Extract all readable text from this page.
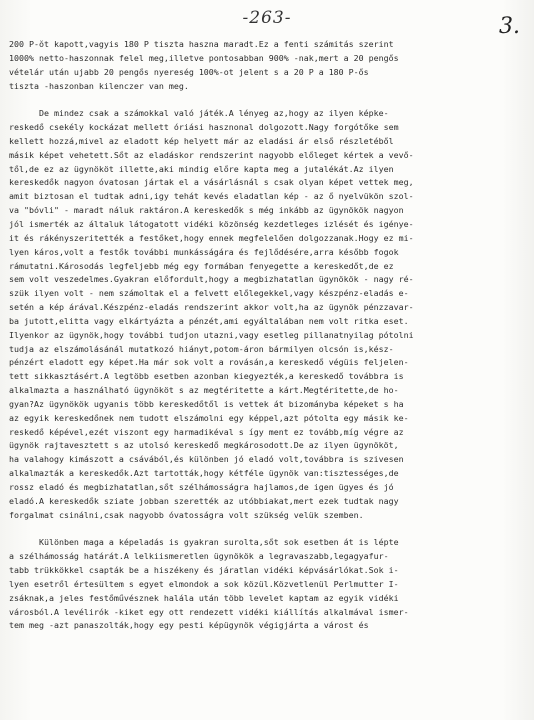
-263-	3.
200 P-ŏt kapott,vagyis 180 P tiszta haszna maradt.Ez a fenti számitás szerint
1000% netto-haszonnak felel meg,illetve pontosabban 900% -nak,mert a 20 pengős
vételár után ujabb 20 pengős nyereség 100%-ot jelent s a 20 P a 180 P-ős
tiszta -haszonban kilenczer van meg.
De mindez csak a számokkal való játék.A lényeg az,hogy az ilyen képke-
reskedő csekély kockázat mellett óriási hasznonal dolgozott.Nagy forgótőke sem
kellett hozzá,mivel az eladott kép helyett már az eladási ár első részletéből
másik képet vehetett.Sőt az eladáskor rendszerint nagyobb előleget kértek a vevő-
től,de ez az ügynököt illette,aki mindig előre kapta meg a jutalékát.Az ilyen
kereskedők nagyon óvatosan jártak el a vásárlásnál s csak olyan képet vettek meg,
amit biztosan el tudtak adni,igy tehát kevés eladatlan kép - az ő nyelvükön szol-
va "bóvli" - maradt náluk raktáron.A kereskedők s még inkább az ügynökök nagyon
jól ismerték az általuk látogatott vidéki közönség kezdetleges izlését és igénye-
it és rákényszeritették a festőket,hogy ennek megfelelően dolgozzanak.Hogy ez mi-
lyen káros,volt a festők további munkásságára és fejlődésére,arra később fogok
rámutatni.Károsodás legfeljebb még egy formában fenyegette a kereskedőt,de ez
sem volt veszedelmes.Gyakran előfordult,hogy a megbizhatatlan ügynökök - nagy ré-
szük ilyen volt - nem számoltak el a felvett előlegekkel,vagy készpénz-eladás e-
setén a kép árával.Készpénz-eladás rendszerint akkor volt,ha az ügynök pénzzavar-
ba jutott,elitta vagy elkártyázta a pénzét,ami egyáltalában nem volt ritka eset.
Ilyenkor az ügynök,hogy további tudjon utazni,vagy esetleg pillanatnyilag pótolni
tudja az elszámolásánál mutatkozó hiányt,potom-áron bármilyen olcsón is,kész-
pénzért eladott egy képet.Ha már sok volt a rovásán,a kereskedő végüis feljelen-
tett sikkasztásért.A legtöbb esetben azonban kiegyezték,a kereskedő továbbra is
alkalmazta a használható ügynököt s az megtéritette a kárt.Megtéritette,de ho-
gyan?Az ügynökök ugyanis több kereskedőtől is vettek át bizományba képeket s ha
az egyik kereskedőnek nem tudott elszámolni egy képpel,azt pótolta egy másik ke-
reskedő képével,ezét viszont egy harmadikéval s így ment ez tovább,míg végre az
ügynök rajtavesztett s az utolsó kereskedő megkárosodott.De az ilyen ügynököt,
ha valahogy kimászott a csávából,és különben jó eladó volt,továbbra is szivesen
alkalmazták a kereskedők.Azt tartották,hogy kétféle ügynök van:tisztességes,de
rossz eladó és megbizhatatlan,sőt szélhámosságra hajlamos,de igen ügyes és jó
eladó.A kereskedők sziate jobban szerették az utóbbiakat,mert ezek tudtak nagy
forgalmat csinálni,csak nagyobb óvatosságra volt szükség velük szemben.
Különben maga a képeladás is gyakran surolta,sőt sok esetben át is lépte
a szélhámosság határát.A lelkiismeretlen ügynökök a legravaszabb,legagyafur-
tabb trükkökkel csapták be a hiszékeny és járatlan vidéki képvásárlókat.Sok i-
lyen esetről értesültem s egyet elmondok a sok közül.Közvetlenül Perlmutter I-
zsáknak,a jeles festőművésznek halála után több levelet kaptam az egyik vidéki
városból.A levélirók -kiket egy ott rendezett vidéki kiállítás alkalmával ismer-
tem meg -azt panaszolták,hogy egy pesti képügynök végigjárta a várost és
